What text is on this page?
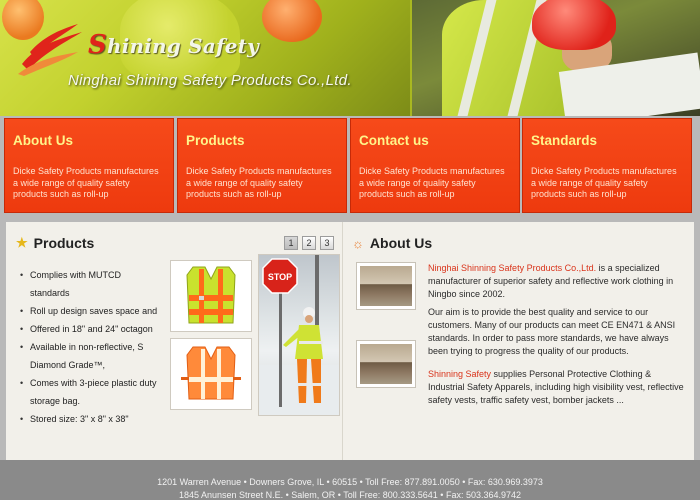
Shining Safety
Ninghai Shining Safety Products Co.,Ltd.
About Us

Dicke Safety Products manufactures a wide range of quality safety products such as roll-up

Products

Dicke Safety Products manufactures a wide range of quality safety products such as roll-up

Contact us

Dicke Safety Products manufactures a wide range of quality safety products such as roll-up

Standards

Dicke Safety Products manufactures a wide range of quality safety products such as roll-up

★ Products	1	2	3
• Complies with MUTCD standards
• Roll up design saves space and
• Offered in 18" and 24" octagon
• Available in non-reflective, S Diamond Grade™,
• Comes with 3-piece plastic duty storage bag.
• Stored size: 3" x 8" x 38"
STOP
☼ About Us

Ninghai Shinning Safety Products Co.,Ltd. is a specialized manufacturer of superior safety and reflective work clothing in Ningbo since 2002.

Our aim is to provide the best quality and service to our customers. Many of our products can meet CE EN471 & ANSI standards. In order to pass more standards, we have always been trying to progress the quality of our products.

Shinning Safety supplies Personal Protective Clothing & Industrial Safety Apparels, including high visibility vest, reflective safety vests, traffic safety vest, bomber jackets ...

1201 Warren Avenue • Downers Grove, IL • 60515 • Toll Free: 877.891.0050 • Fax: 630.969.3973

1845 Anunsen Street N.E. • Salem, OR • Toll Free: 800.333.5641 • Fax: 503.364.9742
